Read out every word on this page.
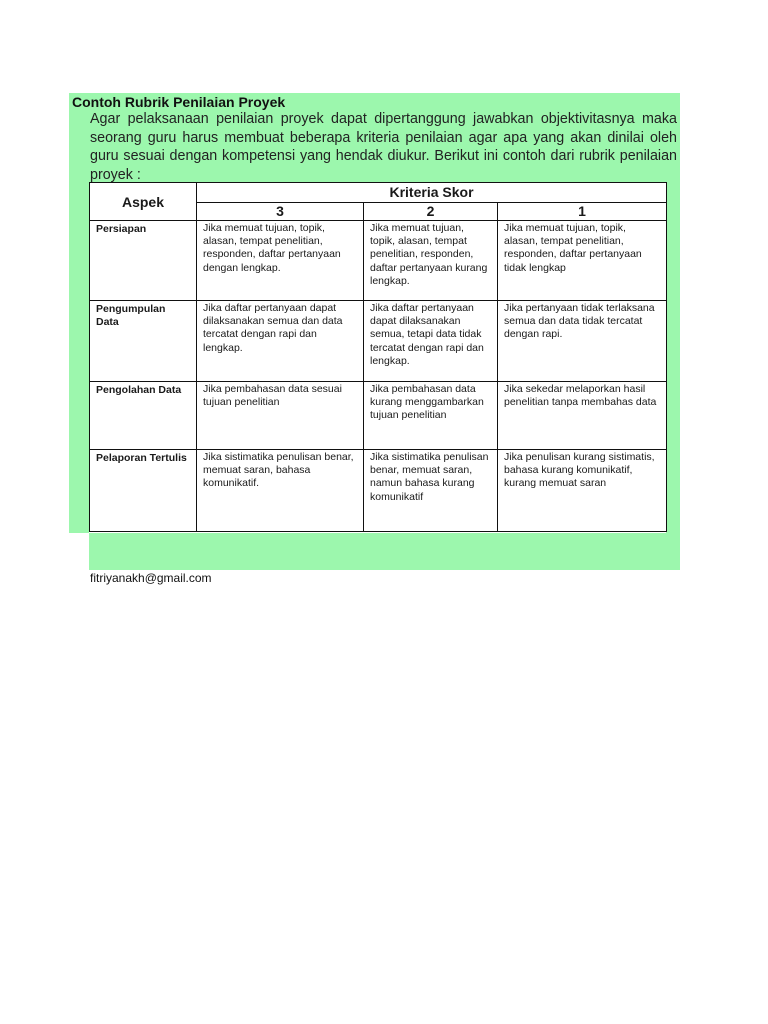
Contoh Rubrik Penilaian Proyek
Agar pelaksanaan penilaian proyek dapat dipertanggung jawabkan objektivitasnya maka seorang guru harus membuat beberapa kriteria penilaian agar apa yang akan dinilai oleh guru sesuai dengan kompetensi yang hendak diukur. Berikut ini contoh dari rubrik penilaian proyek :
Aspek	Kriteria Skor		
	3	2	1
Persiapan	Jika memuat tujuan, topik, alasan, tempat penelitian, responden, daftar pertanyaan dengan lengkap.	Jika memuat tujuan, topik, alasan, tempat penelitian, responden, daftar pertanyaan kurang lengkap.	Jika memuat tujuan, topik, alasan, tempat penelitian, responden, daftar pertanyaan tidak lengkap
Pengumpulan Data	Jika daftar pertanyaan dapat dilaksanakan semua dan data tercatat dengan rapi dan lengkap.	Jika daftar pertanyaan dapat dilaksanakan semua, tetapi data tidak tercatat dengan rapi dan lengkap.	Jika pertanyaan tidak terlaksana semua dan data tidak tercatat dengan rapi.
Pengolahan Data	Jika pembahasan data sesuai tujuan penelitian	Jika pembahasan data kurang menggambarkan tujuan penelitian	Jika sekedar melaporkan hasil penelitian tanpa membahas data
Pelaporan Tertulis	Jika sistimatika penulisan benar, memuat saran, bahasa komunikatif.	Jika sistimatika penulisan benar, memuat saran, namun bahasa kurang komunikatif	Jika penulisan kurang sistimatis, bahasa kurang komunikatif, kurang memuat saran
fitriyanakh@gmail.com
